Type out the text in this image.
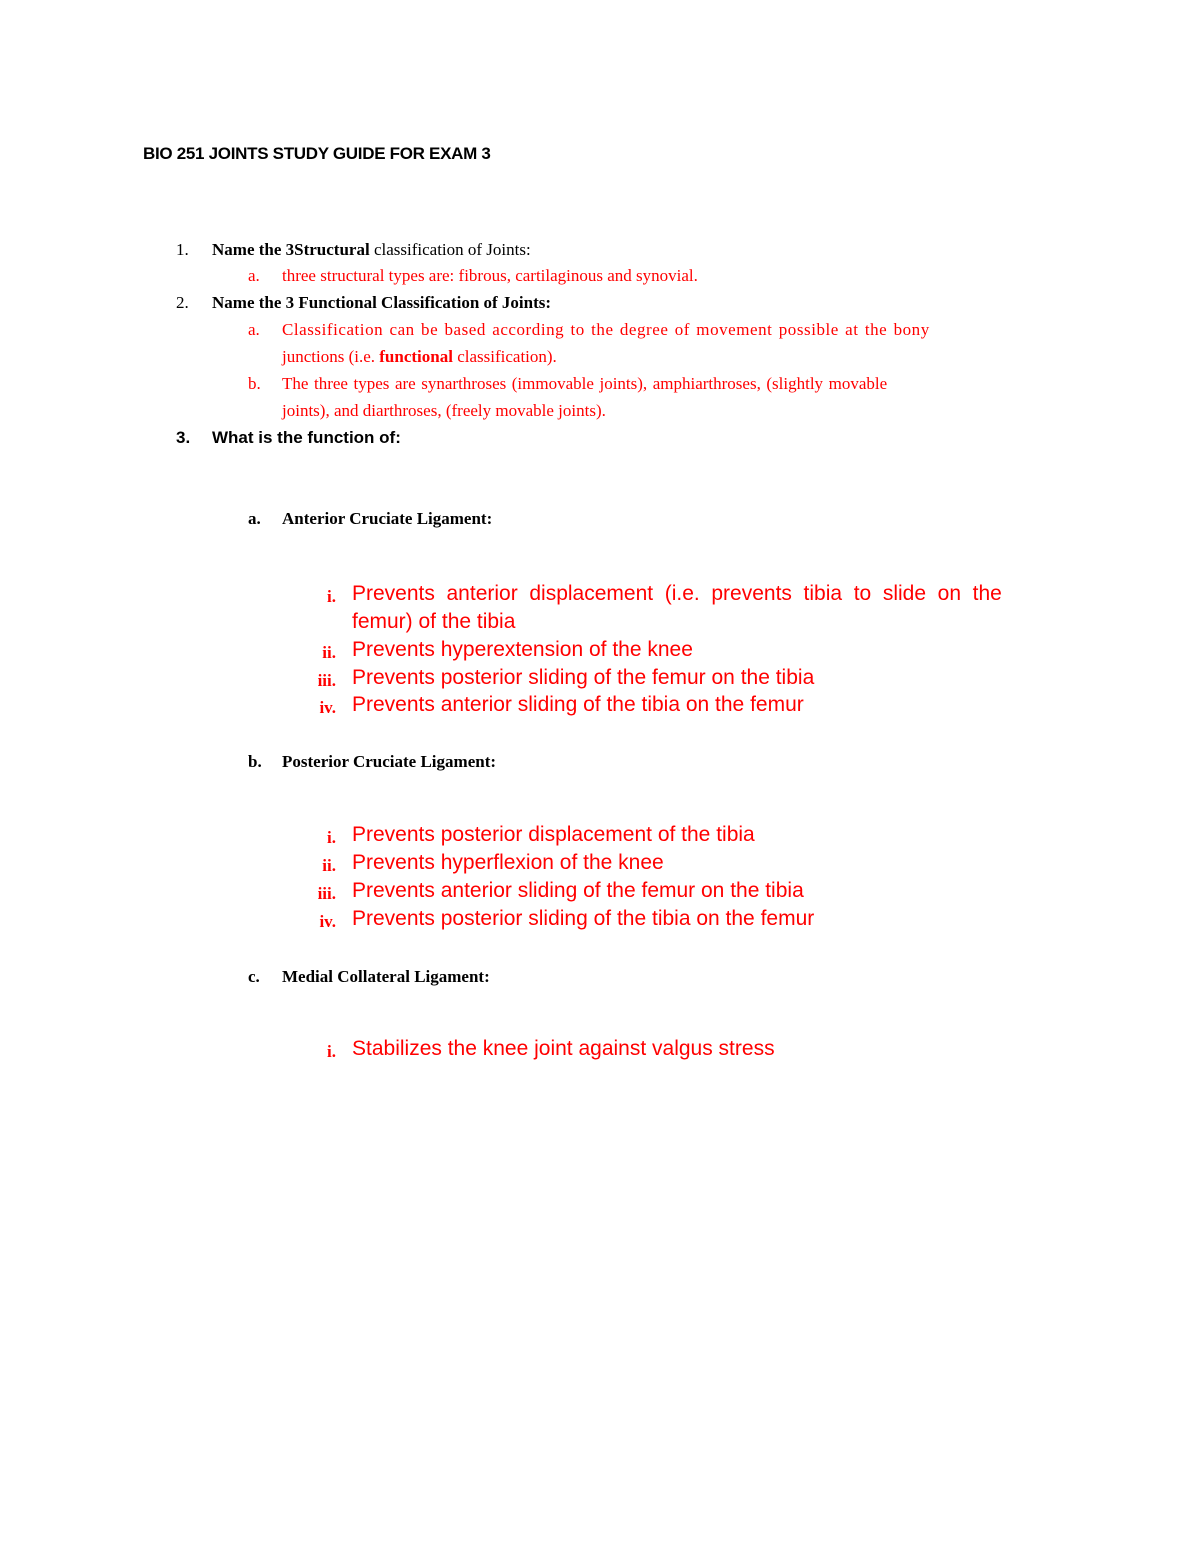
BIO 251 JOINTS STUDY GUIDE FOR EXAM 3
1. Name the 3Structural classification of Joints:
a. three structural types are: fibrous, cartilaginous and synovial.
2. Name the 3 Functional Classification of Joints:
a. Classification can be based according to the degree of movement possible at the bony
junctions (i.e. functional classification).
b. The three types are synarthroses (immovable joints), amphiarthroses, (slightly movable
joints), and diarthroses, (freely movable joints).
3. What is the function of:
a. Anterior Cruciate Ligament:
i. Prevents anterior displacement (i.e. prevents tibia to slide on the
femur) of the tibia
ii. Prevents hyperextension of the knee
iii. Prevents posterior sliding of the femur on the tibia
iv. Prevents anterior sliding of the tibia on the femur
b. Posterior Cruciate Ligament:
i. Prevents posterior displacement of the tibia
ii. Prevents hyperflexion of the knee
iii. Prevents anterior sliding of the femur on the tibia
iv. Prevents posterior sliding of the tibia on the femur
c. Medial Collateral Ligament:
i. Stabilizes the knee joint against valgus stress
